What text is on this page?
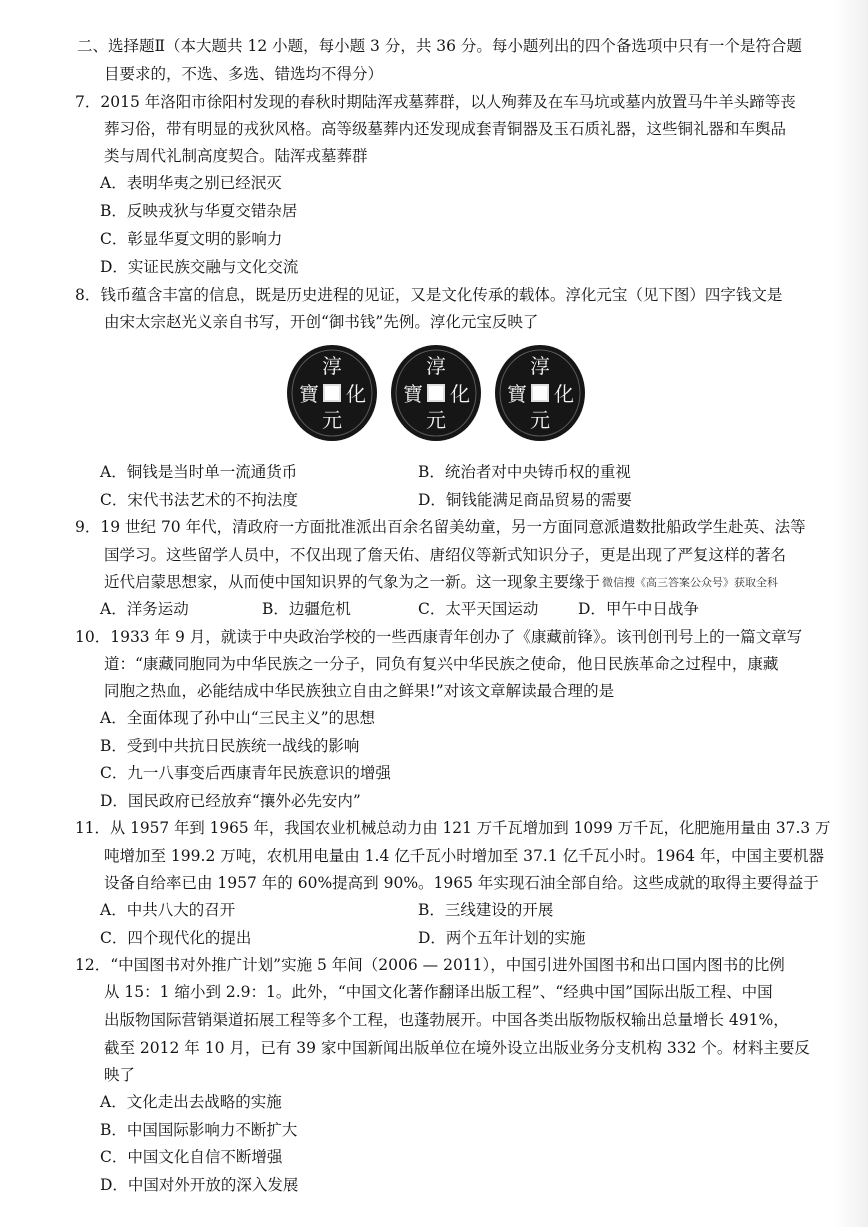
二、选择题Ⅱ（本大题共 12 小题，每小题 3 分，共 36 分。每小题列出的四个备选项中只有一个是符合题
目要求的，不选、多选、错选均不得分）
7．2015 年洛阳市徐阳村发现的春秋时期陆浑戎墓葬群，以人殉葬及在车马坑或墓内放置马牛羊头蹄等丧
葬习俗，带有明显的戎狄风格。高等级墓葬内还发现成套青铜器及玉石质礼器，这些铜礼器和车舆品
类与周代礼制高度契合。陆浑戎墓葬群
A．表明华夷之别已经泯灭
B．反映戎狄与华夏交错杂居
C．彰显华夏文明的影响力
D．实证民族交融与文化交流
8．钱币蕴含丰富的信息，既是历史进程的见证，又是文化传承的载体。淳化元宝（见下图）四字钱文是
由宋太宗赵光义亲自书写，开创“御书钱”先例。淳化元宝反映了
淳
化
元
寶
淳
化
元
寶
淳
化
元
寶
A．铜钱是当时单一流通货币	B．统治者对中央铸币权的重视
C．宋代书法艺术的不拘法度	D．铜钱能满足商品贸易的需要
9．19 世纪 70 年代，清政府一方面批准派出百余名留美幼童，另一方面同意派遣数批船政学生赴英、法等
国学习。这些留学人员中，不仅出现了詹天佑、唐绍仪等新式知识分子，更是出现了严复这样的著名
近代启蒙思想家，从而使中国知识界的气象为之一新。这一现象主要缘于 微信搜《高三答案公众号》获取全科
A．洋务运动	B．边疆危机	C．太平天国运动	D．甲午中日战争
10．1933 年 9 月，就读于中央政治学校的一些西康青年创办了《康藏前锋》。该刊创刊号上的一篇文章写
道：“康藏同胞同为中华民族之一分子，同负有复兴中华民族之使命，他日民族革命之过程中，康藏
同胞之热血，必能结成中华民族独立自由之鲜果!”对该文章解读最合理的是
A．全面体现了孙中山“三民主义”的思想
B．受到中共抗日民族统一战线的影响
C．九一八事变后西康青年民族意识的增强
D．国民政府已经放弃“攘外必先安内”
11．从 1957 年到 1965 年，我国农业机械总动力由 121 万千瓦增加到 1099 万千瓦，化肥施用量由 37.3 万
吨增加至 199.2 万吨，农机用电量由 1.4 亿千瓦小时增加至 37.1 亿千瓦小时。1964 年，中国主要机器
设备自给率已由 1957 年的 60%提高到 90%。1965 年实现石油全部自给。这些成就的取得主要得益于
A．中共八大的召开	B．三线建设的开展
C．四个现代化的提出	D．两个五年计划的实施
12．“中国图书对外推广计划”实施 5 年间（2006 — 2011），中国引进外国图书和出口国内图书的比例
从 15：1 缩小到 2.9：1。此外，“中国文化著作翻译出版工程”、“经典中国”国际出版工程、中国
出版物国际营销渠道拓展工程等多个工程，也蓬勃展开。中国各类出版物版权输出总量增长 491%，
截至 2012 年 10 月，已有 39 家中国新闻出版单位在境外设立出版业务分支机构 332 个。材料主要反
映了
A．文化走出去战略的实施
B．中国国际影响力不断扩大
C．中国文化自信不断增强
D．中国对外开放的深入发展
